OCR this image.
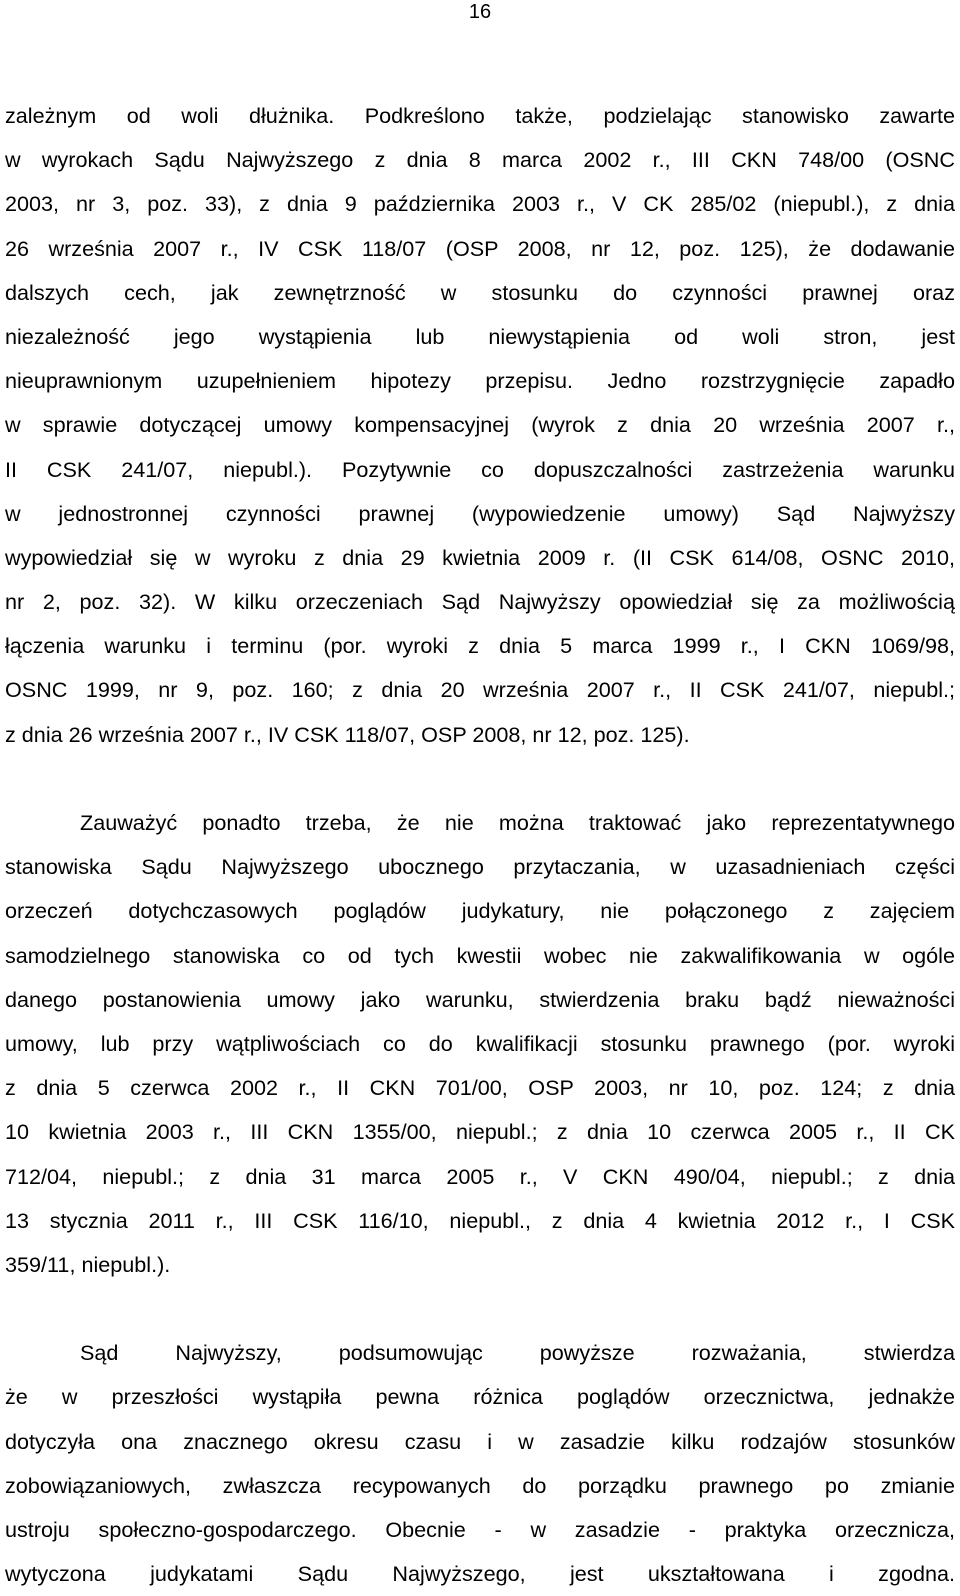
16
zależnym od woli dłużnika. Podkreślono także, podzielając stanowisko zawarte
w wyrokach Sądu Najwyższego z dnia 8 marca 2002 r., III CKN 748/00 (OSNC
2003, nr 3, poz. 33), z dnia 9 października 2003 r., V CK 285/02 (niepubl.), z dnia
26 września 2007 r., IV CSK 118/07 (OSP 2008, nr 12, poz. 125), że dodawanie
dalszych cech, jak zewnętrzność w stosunku do czynności prawnej oraz
niezależność jego wystąpienia lub niewystąpienia od woli stron, jest
nieuprawnionym uzupełnieniem hipotezy przepisu. Jedno rozstrzygnięcie zapadło
w sprawie dotyczącej umowy kompensacyjnej (wyrok z dnia 20 września 2007 r.,
II CSK 241/07, niepubl.). Pozytywnie co dopuszczalności zastrzeżenia warunku
w jednostronnej czynności prawnej (wypowiedzenie umowy) Sąd Najwyższy
wypowiedział się w wyroku z dnia 29 kwietnia 2009 r. (II CSK 614/08, OSNC 2010,
nr 2, poz. 32). W kilku orzeczeniach Sąd Najwyższy opowiedział się za możliwością
łączenia warunku i terminu (por. wyroki z dnia 5 marca 1999 r., I CKN 1069/98,
OSNC 1999, nr 9, poz. 160; z dnia 20 września 2007 r., II CSK 241/07, niepubl.;
z dnia 26 września 2007 r., IV CSK 118/07, OSP 2008, nr 12, poz. 125).
Zauważyć ponadto trzeba, że nie można traktować jako reprezentatywnego
stanowiska Sądu Najwyższego ubocznego przytaczania, w uzasadnieniach części
orzeczeń dotychczasowych poglądów judykatury, nie połączonego z zajęciem
samodzielnego stanowiska co od tych kwestii wobec nie zakwalifikowania w ogóle
danego postanowienia umowy jako warunku, stwierdzenia braku bądź nieważności
umowy, lub przy wątpliwościach co do kwalifikacji stosunku prawnego (por. wyroki
z dnia 5 czerwca 2002 r., II CKN 701/00, OSP 2003, nr 10, poz. 124; z dnia
10 kwietnia 2003 r., III CKN 1355/00, niepubl.; z dnia 10 czerwca 2005 r., II CK
712/04, niepubl.; z dnia 31 marca 2005 r., V CKN 490/04, niepubl.; z dnia
13 stycznia 2011 r., III CSK 116/10, niepubl., z dnia 4 kwietnia 2012 r., I CSK
359/11, niepubl.).
Sąd Najwyższy, podsumowując powyższe rozważania, stwierdza
że w przeszłości wystąpiła pewna różnica poglądów orzecznictwa, jednakże
dotyczyła ona znacznego okresu czasu i w zasadzie kilku rodzajów stosunków
zobowiązaniowych, zwłaszcza recypowanych do porządku prawnego po zmianie
ustroju społeczno-gospodarczego. Obecnie - w zasadzie - praktyka orzecznicza,
wytyczona judykatami Sądu Najwyższego, jest ukształtowana i zgodna.
